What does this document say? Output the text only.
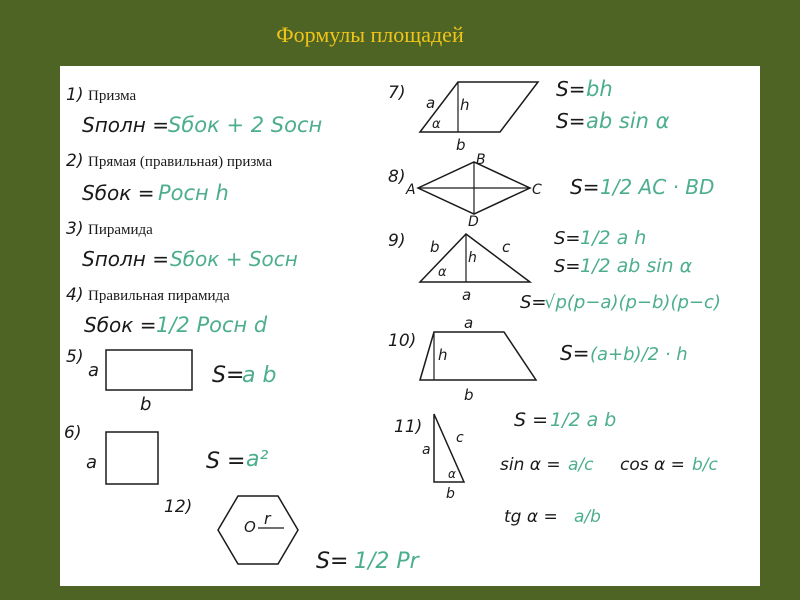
Формулы площадей
1) Призма
Sполн = Sбок + 2 Sосн
2) Прямая (правильная) призма
Sбок = Pосн h
3) Пирамида
Sполн = Sбок + Sосн
4) Правильная пирамида
Sбок = 1/2 Pосн d
5)
a
b
S=
a b
6)
a	S = a²
12)
O r
S= 1/2 Pr
7) a h
α
b
S= bh
S= ab sin α
8)
A
B
C
D
S= 1/2 AC · BD
9) b	c
h
α
a
S= 1/2 a h
S= 1/2 ab sin α
S=
√p(p−a)(p−b)(p−c)
10)
a
h
b
S= (a+b)/2 · h
11)
a
c
α
b
S = 1/2 a b
sin α = a/c cos α = b/c
tg α = a/b
